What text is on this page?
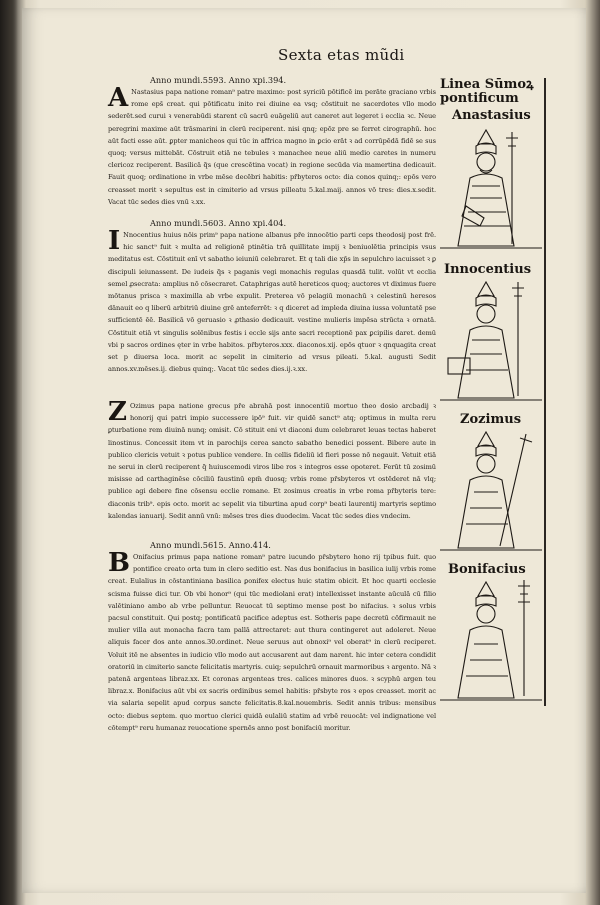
Sexta etas mũdi
Anno mundi.5593. Anno xpi.394.
A Nastasius papa natione roman⁹ patre maximo: post syriciũ pōtificē im perāte graciano vrbis rome eps̄ creat. qui pōtificatu inito rei diuine ea vsq; cōstituit ne sacerdotes vllo modo sederēt.sed curui ꝛ venerabūdi starent cū sacrū euāgeliū aut caneret aut legeret i ecclia ꝛc. Neue peregrini maxime aūt trāsmarini in clerū reciperent. nisi qnq; epōz pre se ferret cirographū. hoc aūt facti esse aūt. ꝑpter manicheos qui tūc in affrica magno in ꝑcio erāt ꝛ ad corrūpēdā fidē se sus quoq; versus mittebāt. Cōstruit etiā ne tebules ꝛ manachee neue aliū medio caretes in numeru clericoz reciperent. Basilicā q̃s (que crescētina vocat) in regione secūda via mamertina dedicauit. Fauit quoq; ordinatione in vrbe mēse decēbri habitis: pr̄byteros octo: dia conos quinq;: epōs vero creasset morit ꝛ sepultus est in cimiterio ad vrsus pilleatu 5.kal.maij. annos vō tres: dies.x.sedit. Vacat tūc sedes dies vnū ꝛ.xx.
Anno mundi.5603. Anno xpi.404.
I Nnocentius huius nōis prim⁹ papa natione albanus pr̄e innocētio parti ceps theodosij post frē. hic sanct⁹ fuit ꝛ multa ad religionē ptinētia trā quillitate impij ꝛ beniuolētia principis vsus meditatus est. Cōstituit enī vt sabatho ieiuniū celebraret. Et q tali die xp̄s in sepulchro iacuisset ꝛ ꝑ discipuli ieiunassent. De iudeis q̃s ꝛ paganis vegi monachis regulas quasdā tulit. volūt vt ecclia semel ꝓsecrata: amplius nō cōsecraret. Cataphrigas autē hereticos quoq; auctores vt diximus fuere mōtanus prisca ꝛ maximilla ab vrbe expulit. Preterea vō pelagiū monachū ꝛ celestinū heresos dānauit eo q liberū arbitriū diuine grē anteferrēt: ꝛ q diceret ad impleda diuina iussa voluntatē pse sufficientē ēē. Basilicā vō geruasio ꝛ ꝓthasio dedicauit. vestine mulieris impēsa strūcta ꝛ ornatā. Cōstituit etiā vt singulis solēnibus festis i eccle sijs ante sacri receptionē pax ꝑcipilis daret. demū vbi p sacros ordines ęter in vrbe habitos. pr̄byteros.xxx. diaconos.xij. epōs qtuor ꝛ qnquagita creat set p diuersa loca. morit ac sepelit in cimiterio ad vrsus pileati. 5.kal. augusti Sedit annos.xv.mēses.ij. diebus quinq;. Vacat tūc sedes dies.ij.ꝛ.xx.
Z Ozimus papa natione grecus pr̄e abrahā post innocentiū mortuo theo dosio arcbadij ꝛ honorij qui patri impio successere ipō⁹ fuit. vir quidē sanct⁹ atq; optimus in multa reru ꝑturbatione rem diuinā nunq; omisit. Cō stituit eni vt diaconi dum celebraret leuas tectas haberet linostinus. Concessit item vt in parochijs cerea sancto sabatho benedici possent. Bibere aute in publico clericis vetuit ꝛ potus publice vendere. In cellis fideliū id fieri posse nō negauit. Vetuit etiā ne serui in clerū reciperent q̃ huiuscemodi viros libe ros ꝛ integros esse opoteret. Ferūt tū zosimū misisse ad carthaginēse cōciliū faustinū epm̄ duosq; vrbis rome pr̄sbyteros vt ostēderet nā vlq; publice agi debere fine cōsensu ecclie romane. Et zosimus creatis in vrbe roma pr̄byteris tere: diaconis trib⁹. epis octo. morit ac sepelit via tiburtina apud corp⁹ beati laurentij martyris septimo kalendas ianuarij. Sedit annū vnū: mēses tres dies duodecim. Vacat tūc sedes dies vndecim.
Anno mundi.5615. Anno.414.
B Onifacius primus papa natione roman⁹ patre iucundo pr̄sbytero hono rij tpibus fuit. quo pontifice creato orta tum in clero seditio est. Nas dus bonifacius in basilica iulij vrbis rome creat. Eulalius in cōstantiniana basilica ꝑonifex electus huic statim obicit. Et hoc quarti ecclesie scisma fuisse dici tur. Ob vbi honor⁹ (qui tūc mediolani erat) intellexisset instante aūculā cū filio valētiniano ambo ab vrbe pelluntur. Reuocat tū septimo mense post bo nifacius. ꝛ solus vrbis pacsul constituit. Qui postq; pontificatū pacifice adeptus est. Sotheris pape decretū cōfirmauit ne mulier villa aut monacha facra tam pallā attrectaret: aut thura contingeret aut adoleret. Neue aliquis facer dos ante annos.30.ordinet. Neue seruus aut obnoxi⁹ vel oberat⁹ in clerū reciperet. Voluit itē ne absentes in iudicio vllo modo aut accusarent aut dam narent. hic inter cetera condidit oratoriū in cimiterio sancte felicitatis martyris. cuiq; sepulchrū ornauit marmoribus ꝛ argento. Nā ꝛ patenā argenteas libraz.xx. Et coronas argenteas tres. calices minores duos. ꝛ scyphū argen teu libraz.x. Bonifacius aūt vbi ex sacris ordinibus semel habitis: pr̄sbyte ros ꝛ epos creasset. morit ac via salaria sepelit apud corpus sancte felicitatis.8.kal.nouembris. Sedit annis tribus: mensibus octo: diebus septem. quo mortuo clerici quidā eulaliū statim ad vrbē reuocāt: vel indignatione vel cōtempt⁹ reru humanaz reuocatione spernēs anno post bonifaciū moritur.
Linea Sūmoꝝ
pontificum
Anastasius
Innocentius
Zozimus
Bonifacius
